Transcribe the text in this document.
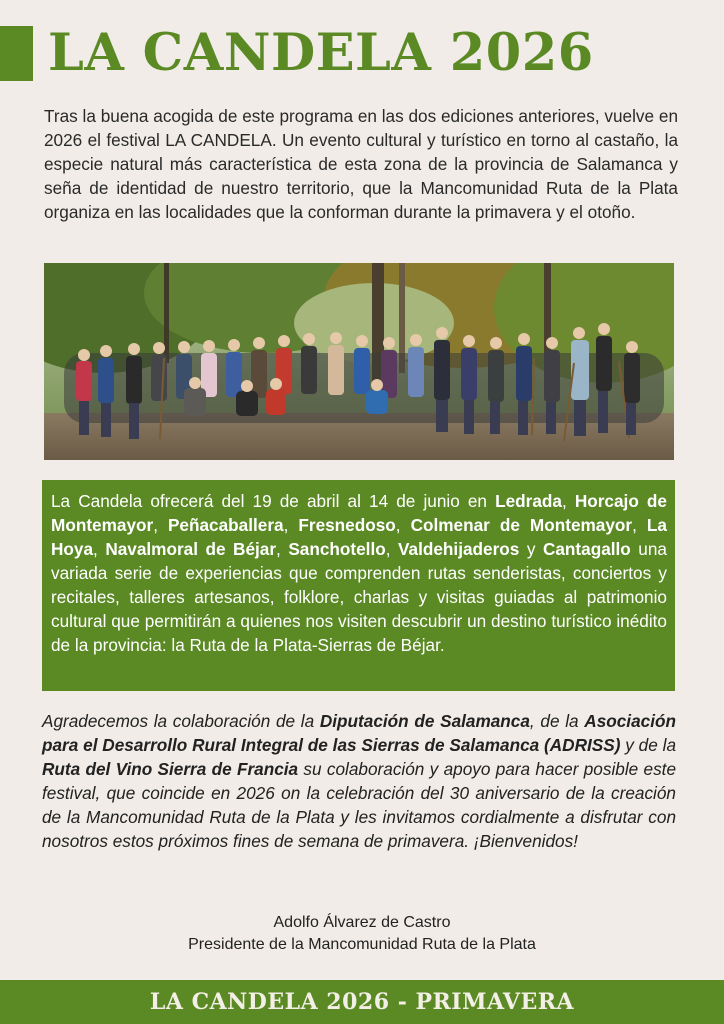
LA CANDELA 2026

Tras la buena acogida de este programa en las dos ediciones anteriores, vuelve en 2026 el festival LA CANDELA. Un evento cultural y turístico en torno al castaño, la especie natural más característica de esta zona de la provincia de Salamanca y seña de identidad de nuestro territorio, que la Mancomunidad Ruta de la Plata organiza en las localidades que la conforman durante la primavera y el otoño.

La Candela ofrecerá del 19 de abril al 14 de junio en Ledrada, Horcajo de Montemayor, Peñacaballera, Fresnedoso, Colmenar de Montemayor, La Hoya, Navalmoral de Béjar, Sanchotello, Valdehijaderos y Cantagallo una variada serie de experiencias que comprenden rutas senderistas, conciertos y recitales, talleres artesanos, folklore, charlas y visitas guiadas al patrimonio cultural que permitirán a quienes nos visiten descubrir un destino turístico inédito de la provincia: la Ruta de la Plata-Sierras de Béjar.

Agradecemos la colaboración de la Diputación de Salamanca, de la Asociación para el Desarrollo Rural Integral de las Sierras de Salamanca (ADRISS) y de la Ruta del Vino Sierra de Francia su colaboración y apoyo para hacer posible este festival, que coincide en 2026 on la celebración del 30 aniversario de la creación de la Mancomunidad Ruta de la Plata y les invitamos cordialmente a disfrutar con nosotros estos próximos fines de semana de primavera. ¡Bienvenidos!

Adolfo Álvarez de Castro
Presidente de la Mancomunidad Ruta de la Plata
LA CANDELA 2026 - PRIMAVERA
